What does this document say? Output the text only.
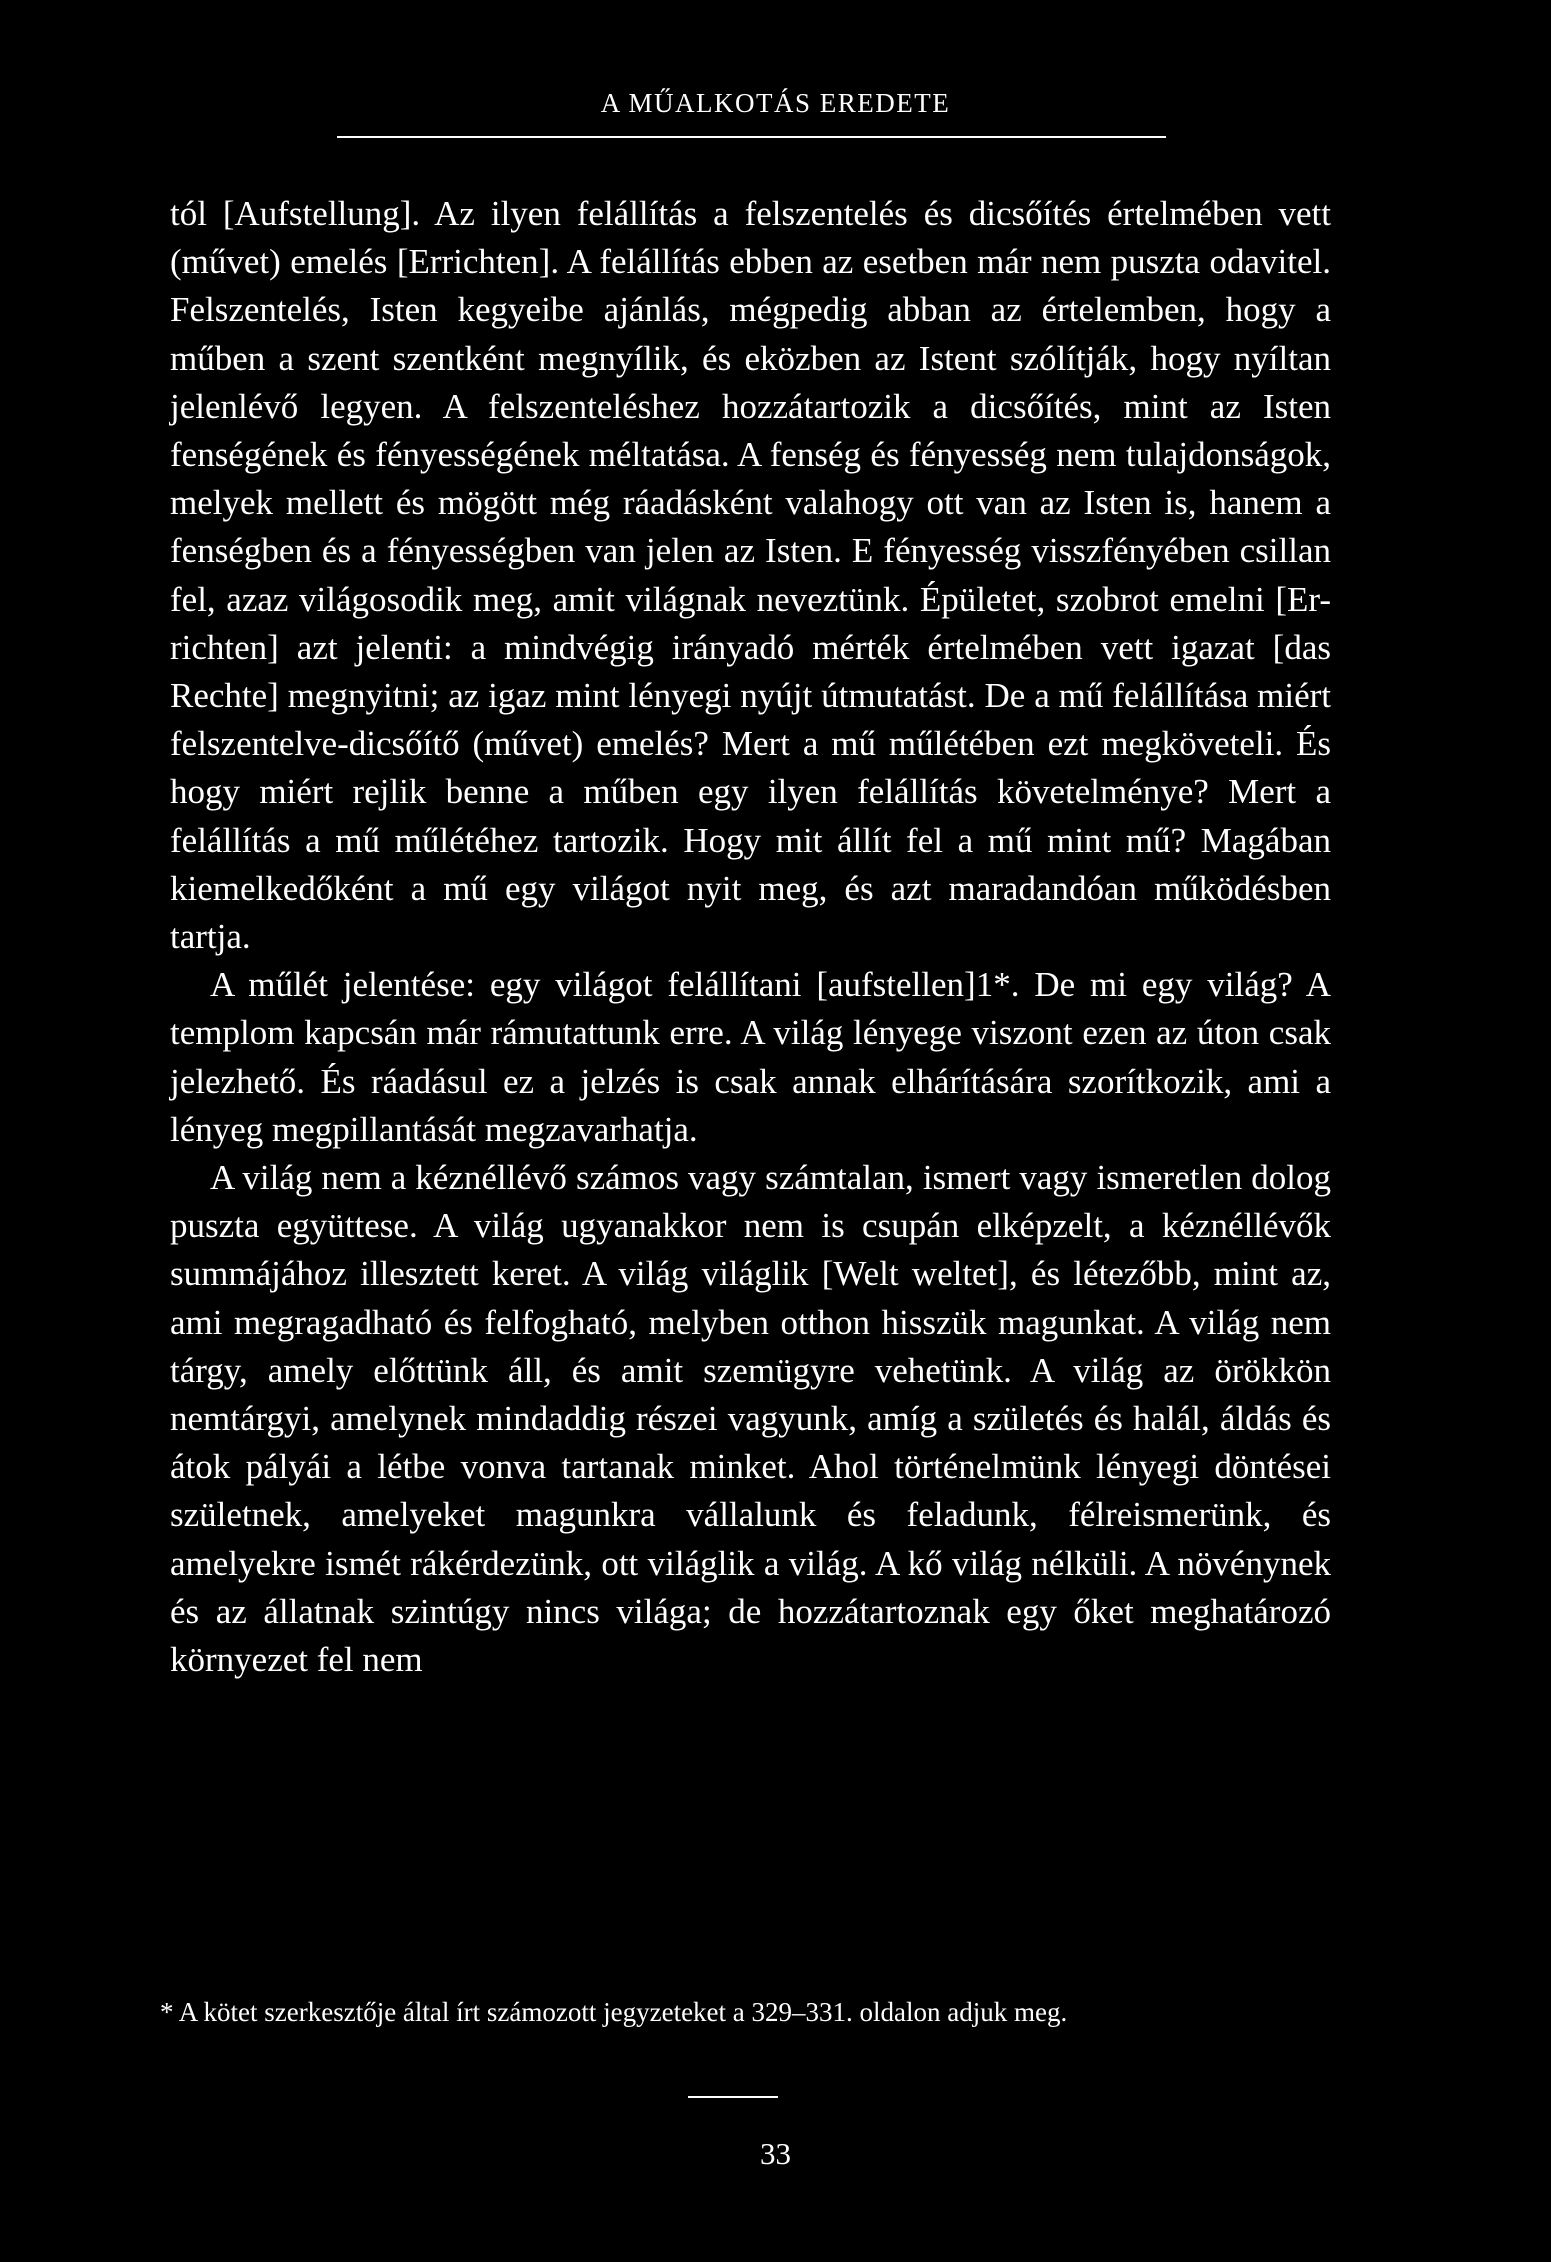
A MŰALKOTÁS EREDETE

tól [Aufstellung]. Az ilyen felállítás a felszentelés és dicsőítés értelmében vett (művet) emelés [Errichten]. A felállítás ebben az esetben már nem puszta odavitel. Felszentelés, Isten kegyeibe ajánlás, mégpedig abban az értelemben, hogy a műben a szent szentként megnyílik, és eközben az Istent szólítják, hogy nyíltan jelenlévő legyen. A felszenteléshez hozzátartozik a dicsőítés, mint az Isten fenségének és fényességének méltatása. A fenség és fényesség nem tulajdonságok, melyek mellett és mögött még ráadásként valahogy ott van az Isten is, hanem a fenségben és a fényességben van jelen az Isten. E fényesség visszfényében csillan fel, azaz világosodik meg, amit világnak neveztünk. Épületet, szobrot emelni [Er-richten] azt jelenti: a mindvégig irányadó mérték értelmében vett igazat [das Rechte] megnyitni; az igaz mint lényegi nyújt útmutatást. De a mű felállítása miért felszentelve-dicsőítő (művet) emelés? Mert a mű műlétében ezt megköveteli. És hogy miért rejlik benne a műben egy ilyen felállítás követelménye? Mert a felállítás a mű műlétéhez tartozik. Hogy mit állít fel a mű mint mű? Magában kiemelkedőként a mű egy világot nyit meg, és azt maradandóan működésben tartja.

A műlét jelentése: egy világot felállítani [aufstellen]1*. De mi egy világ? A templom kapcsán már rámutattunk erre. A világ lényege viszont ezen az úton csak jelezhető. És ráadásul ez a jelzés is csak annak elhárítására szorítkozik, ami a lényeg megpillantását megzavarhatja.

A világ nem a kéznéllévő számos vagy számtalan, ismert vagy ismeretlen dolog puszta együttese. A világ ugyanakkor nem is csupán elképzelt, a kéznéllévők summájához illesztett keret. A világ világlik [Welt weltet], és létezőbb, mint az, ami megragadható és felfogható, melyben otthon hisszük magunkat. A világ nem tárgy, amely előttünk áll, és amit szemügyre vehetünk. A világ az örökkön nemtárgyi, amelynek mindaddig részei vagyunk, amíg a születés és halál, áldás és átok pályái a létbe vonva tartanak minket. Ahol történelmünk lényegi döntései születnek, amelyeket magunkra vállalunk és feladunk, félreismerünk, és amelyekre ismét rákérdezünk, ott világlik a világ. A kő világ nélküli. A növénynek és az állatnak szintúgy nincs világa; de hozzátartoznak egy őket meghatározó környezet fel nem

* A kötet szerkesztője által írt számozott jegyzeteket a 329–331. oldalon adjuk meg.
33
